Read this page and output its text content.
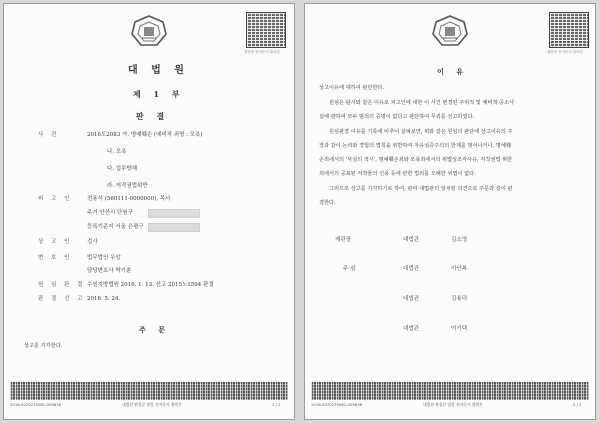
열람용 전자문서 출력본
대 법 원
제 1 부
판 결
사 건	2016도2083 가. 명예훼손 (예비적 죄명 : 모욕)
나. 모욕
다. 업무방해
라. 저작권법위반
피 고 인	전용석 (560111-0000000), 목사
주거 안산시 단원구
등록기준지 서울 은평구
상 고 인	검사
변 호 인	법무법인 우암
담당변호사 박기춘
원 심 판 결 수원지방법원 2016. 1. 13. 선고 2015노1594 판결
판 결 선 고 2016. 5. 24.
주 문
상고를 기각한다.
2016-0070275061-009838	대법원 판결문 열람 전자문서 출력본	1 / 2
열람용 전자문서 출력본
이 유
상고이유에 대하여 판단한다.
원심은 판시와 같은 이유로 피고인에 대한 이 사건 변경된 주위적 및 예비적 공소사
실에 관하여 모두 범죄의 증명이 없다고 판단하여 무죄를 선고하였다.
원심판결 이유를 기록에 비추어 살펴보면, 위와 같은 원심의 판단에 상고이유의 주
장과 같이 논리와 경험의 법칙을 위반하여 자유심증주의의 한계를 벗어나거나, 명예훼
손죄에서의 '사실의 적시', 명예훼손죄와 모욕죄에서의 위법성조각사유, 저작권법 위반
죄에서의 공표된 저작물의 인용 등에 관한 법리를 오해한 위법이 없다.
그러므로 상고를 기각하기로 하여, 관여 대법관의 일치된 의견으로 주문과 같이 판
결한다.
재판장	대법관	김소영
주 심	대법관	이인복
대법관	김용덕
대법관	이기택
2016-0070275061-009838	대법원 판결문 열람 전자문서 출력본	2 / 2
